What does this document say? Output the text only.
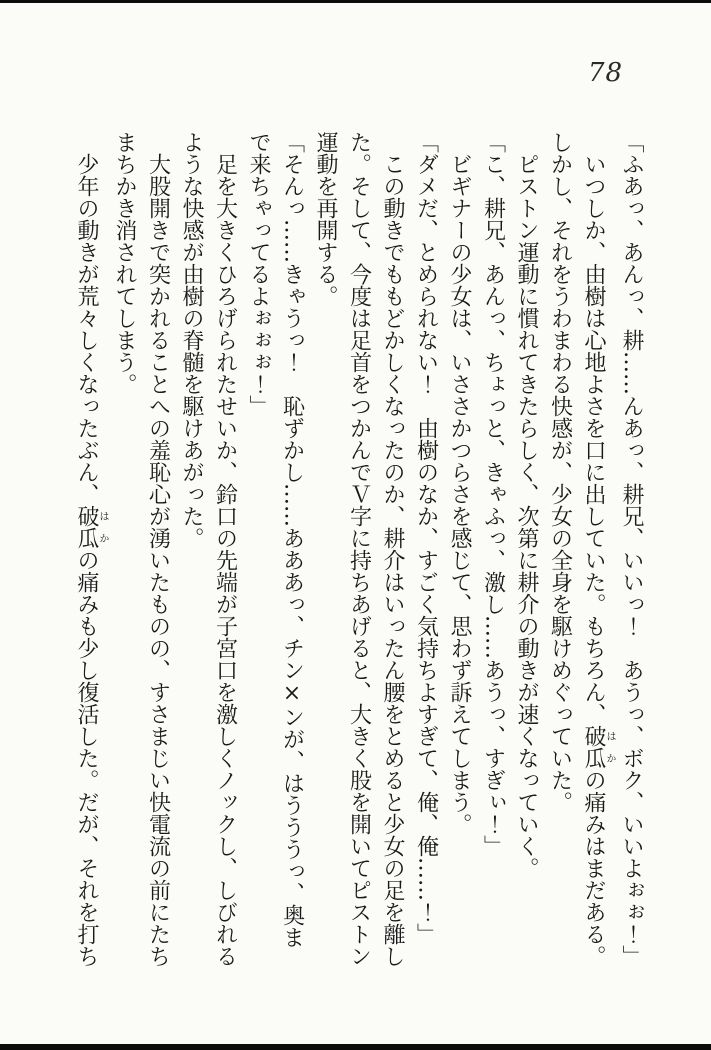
78

「ふあっ、あんっ、耕……んあっ、耕兄、いいっ！　あうっ、ボク、いいよぉぉ！」

いつしか、由樹は心地よさを口に出していた。もちろん、破瓜はかの痛みはまだある。しかし、それをうわまわる快感が、少女の全身を駆けめぐっていた。

ピストン運動に慣れてきたらしく、次第に耕介の動きが速くなっていく。

「こ、耕兄、あんっ、ちょっと、きゃふっ、激し……あうっ、すぎぃ！」

ビギナーの少女は、いささかつらさを感じて、思わず訴えてしまう。

「ダメだ、とめられない！　由樹のなか、すごく気持ちよすぎて、俺、俺……！」

この動きでももどかしくなったのか、耕介はいったん腰をとめると少女の足を離した。そして、今度は足首をつかんでＶ字に持ちあげると、大きく股を開いてピストン運動を再開する。

「そんっ……きゃうっ！　恥ずかし……あああっ、チン×ンが、はうううっ、奥まで来ちゃってるよぉぉぉ！」

足を大きくひろげられたせいか、鈴口の先端が子宮口を激しくノックし、しびれるような快感が由樹の脊髄を駆けあがった。

大股開きで突かれることへの羞恥心が湧いたものの、すさまじい快電流の前にたちまちかき消されてしまう。

少年の動きが荒々しくなったぶん、破瓜はかの痛みも少し復活した。だが、それを打ち
